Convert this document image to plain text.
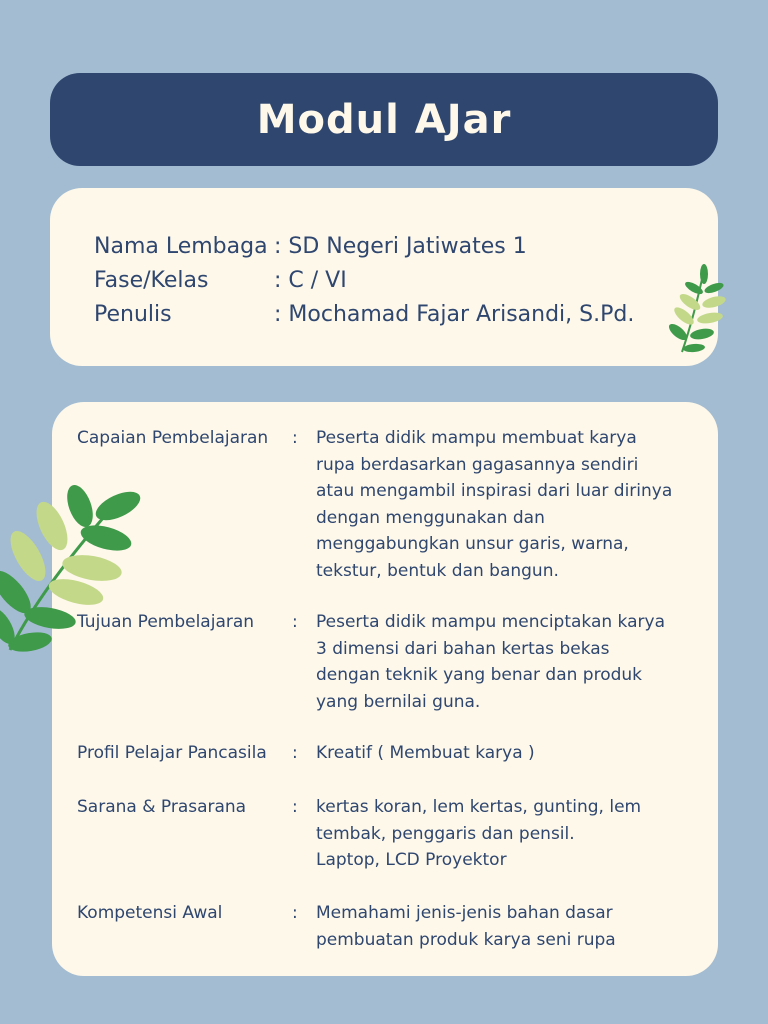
Modul AJar
Nama Lembaga : SD Negeri Jatiwates 1
Fase/Kelas	: C / VI
Penulis	: Mochamad Fajar Arisandi, S.Pd.
Capaian Pembelajaran : Peserta didik mampu membuat karya
rupa berdasarkan gagasannya sendiri
atau mengambil inspirasi dari luar dirinya
dengan menggunakan dan
menggabungkan unsur garis, warna,
tekstur, bentuk dan bangun.
Tujuan Pembelajaran : Peserta didik mampu menciptakan karya
3 dimensi dari bahan kertas bekas
dengan teknik yang benar dan produk
yang bernilai guna.
Profil Pelajar Pancasila : Kreatif ( Membuat karya )
Sarana & Prasarana	: kertas koran, lem kertas, gunting, lem
tembak, penggaris dan pensil.
Laptop, LCD Proyektor
Kompetensi Awal	: Memahami jenis-jenis bahan dasar
pembuatan produk karya seni rupa
